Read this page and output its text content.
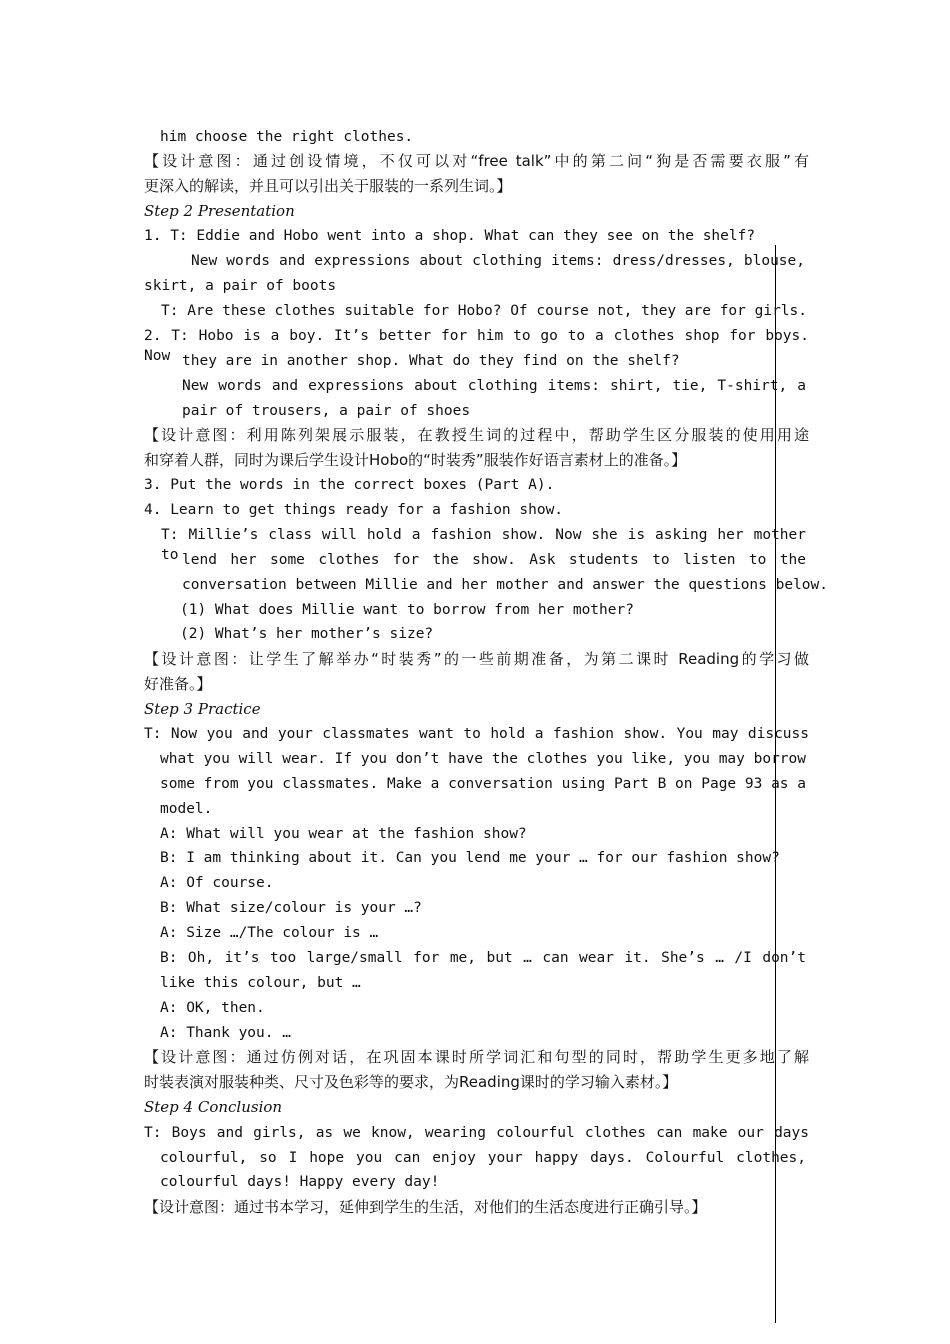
him choose the right clothes.
【设计意图：通过创设情境，不仅可以对“free talk”中的第二问“狗是否需要衣服”有
更深入的解读，并且可以引出关于服装的一系列生词。】
Step 2 Presentation
1. T: Eddie and Hobo went into a shop. What can they see on the shelf?
New words and expressions about clothing items: dress/dresses, blouse,
skirt, a pair of boots
T: Are these clothes suitable for Hobo? Of course not, they are for girls.
2. T: Hobo is a boy. It’s better for him to go to a clothes shop for boys. Now they are in another shop. What do they find on the shelf?
New words and expressions about clothing items: shirt, tie, T-shirt, a
pair of trousers, a pair of shoes
【设计意图：利用陈列架展示服装，在教授生词的过程中，帮助学生区分服装的使用用途
和穿着人群，同时为课后学生设计Hobo的“时装秀”服装作好语言素材上的准备。】
3. Put the words in the correct boxes (Part A).
4. Learn to get things ready for a fashion show.
T: Millie’s class will hold a fashion show. Now she is asking her mother to lend her some clothes for the show. Ask students to listen to the
conversation between Millie and her mother and answer the questions below.
(1) What does Millie want to borrow from her mother?
(2) What’s her mother’s size?
【设计意图：让学生了解举办“时装秀”的一些前期准备，为第二课时 Reading的学习做
好准备。】
Step 3 Practice
T: Now you and your classmates want to hold a fashion show. You may discuss
what you will wear. If you don’t have the clothes you like, you may borrow
some from you classmates. Make a conversation using Part B on Page 93 as a
model.
A: What will you wear at the fashion show?
B: I am thinking about it. Can you lend me your … for our fashion show?
A: Of course.
B: What size/colour is your …?
A: Size …/The colour is …
B: Oh, it’s too large/small for me, but … can wear it. She’s … /I don’t
like this colour, but …
A: OK, then.
A: Thank you. …
【设计意图：通过仿例对话，在巩固本课时所学词汇和句型的同时，帮助学生更多地了解
时装表演对服装种类、尺寸及色彩等的要求，为Reading课时的学习输入素材。】
Step 4 Conclusion
T: Boys and girls, as we know, wearing colourful clothes can make our days
colourful, so I hope you can enjoy your happy days. Colourful clothes,
colourful days! Happy every day!
【设计意图：通过书本学习，延伸到学生的生活，对他们的生活态度进行正确引导。】
